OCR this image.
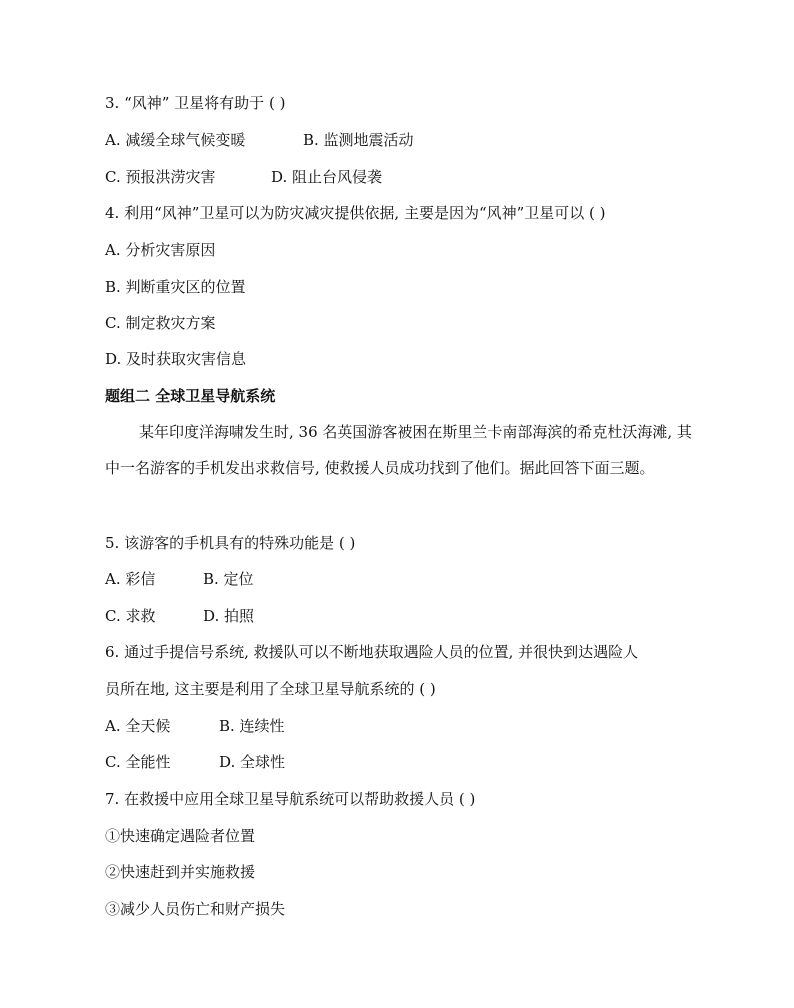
3. “风神” 卫星将有助于 ( )
A. 减缓全球气候变暖	B. 监测地震活动
C. 预报洪涝灾害	D. 阻止台风侵袭
4. 利用“风神”卫星可以为防灾减灾提供依据, 主要是因为“风神”卫星可以 ( )
A. 分析灾害原因
B. 判断重灾区的位置
C. 制定救灾方案
D. 及时获取灾害信息
题组二 全球卫星导航系统
某年印度洋海啸发生时, 36 名英国游客被困在斯里兰卡南部海滨的希克杜沃海滩, 其中一名游客的手机发出求救信号, 使救援人员成功找到了他们。据此回答下面三题。
5. 该游客的手机具有的特殊功能是 ( )
A. 彩信	B. 定位
C. 求救	D. 拍照
6. 通过手提信号系统, 救援队可以不断地获取遇险人员的位置, 并很快到达遇险人
员所在地, 这主要是利用了全球卫星导航系统的 ( )
A. 全天候	B. 连续性
C. 全能性	D. 全球性
7. 在救援中应用全球卫星导航系统可以帮助救援人员 ( )
①快速确定遇险者位置
②快速赶到并实施救援
③减少人员伤亡和财产损失
